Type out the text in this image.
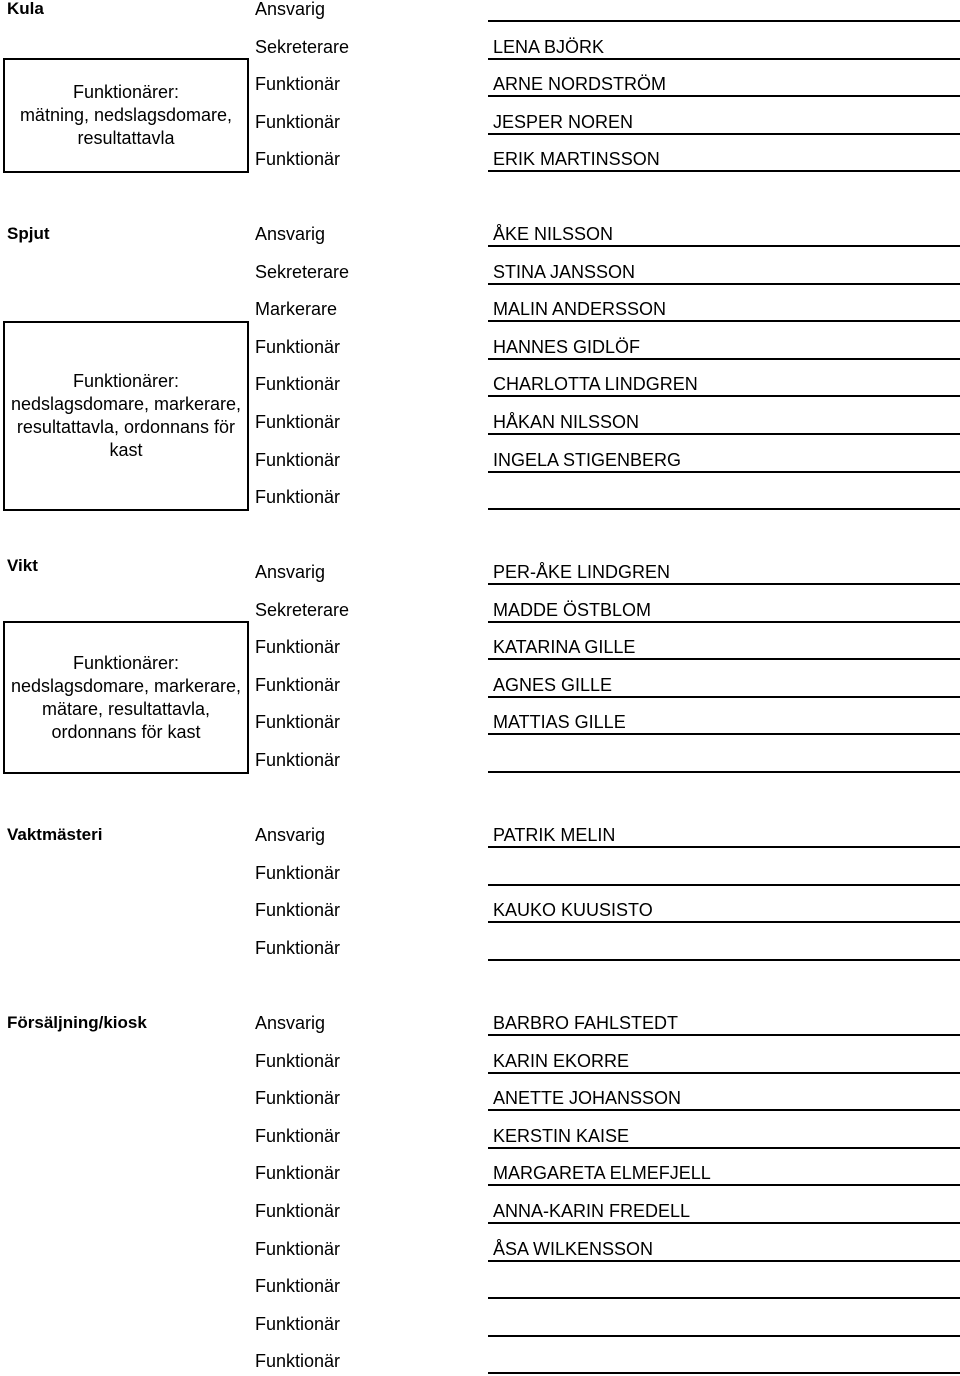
Kula
Funktionärer:
mätning, nedslagsdomare,
resultattavla
Ansvarig
Sekreterare	LENA BJÖRK
Funktionär	ARNE NORDSTRÖM
Funktionär	JESPER NOREN
Funktionär	ERIK MARTINSSON
Spjut
Funktionärer:
nedslagsdomare, markerare,
resultattavla, ordonnans för
kast
Ansvarig	ÅKE NILSSON
Sekreterare	STINA JANSSON
Markerare	MALIN ANDERSSON
Funktionär	HANNES GIDLÖF
Funktionär	CHARLOTTA LINDGREN
Funktionär	HÅKAN NILSSON
Funktionär	INGELA STIGENBERG
Funktionär
Vikt
Funktionärer:
nedslagsdomare, markerare,
mätare, resultattavla,
ordonnans för kast
Ansvarig	PER-ÅKE LINDGREN
Sekreterare	MADDE ÖSTBLOM
Funktionär	KATARINA GILLE
Funktionär	AGNES GILLE
Funktionär	MATTIAS GILLE
Funktionär
Vaktmästeri	Ansvarig	PATRIK MELIN
Funktionär
Funktionär	KAUKO KUUSISTO
Funktionär
Försäljning/kiosk	Ansvarig	BARBRO FAHLSTEDT
Funktionär	KARIN EKORRE
Funktionär	ANETTE JOHANSSON
Funktionär	KERSTIN KAISE
Funktionär	MARGARETA ELMEFJELL
Funktionär	ANNA-KARIN FREDELL
Funktionär	ÅSA WILKENSSON
Funktionär
Funktionär
Funktionär
